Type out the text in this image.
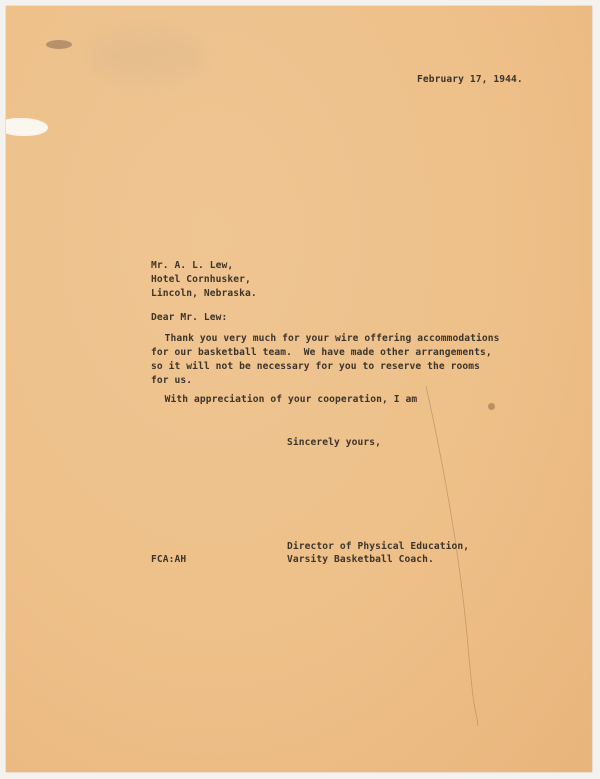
February 17, 1944.
Mr. A. L. Lew,
Hotel Cornhusker,
Lincoln, Nebraska.
Dear Mr. Lew:
Thank you very much for your wire offering accommodations
for our basketball team.  We have made other arrangements,
so it will not be necessary for you to reserve the rooms
for us.
With appreciation of your cooperation, I am
Sincerely yours,
Director of Physical Education,
Varsity Basketball Coach.
FCA:AH
